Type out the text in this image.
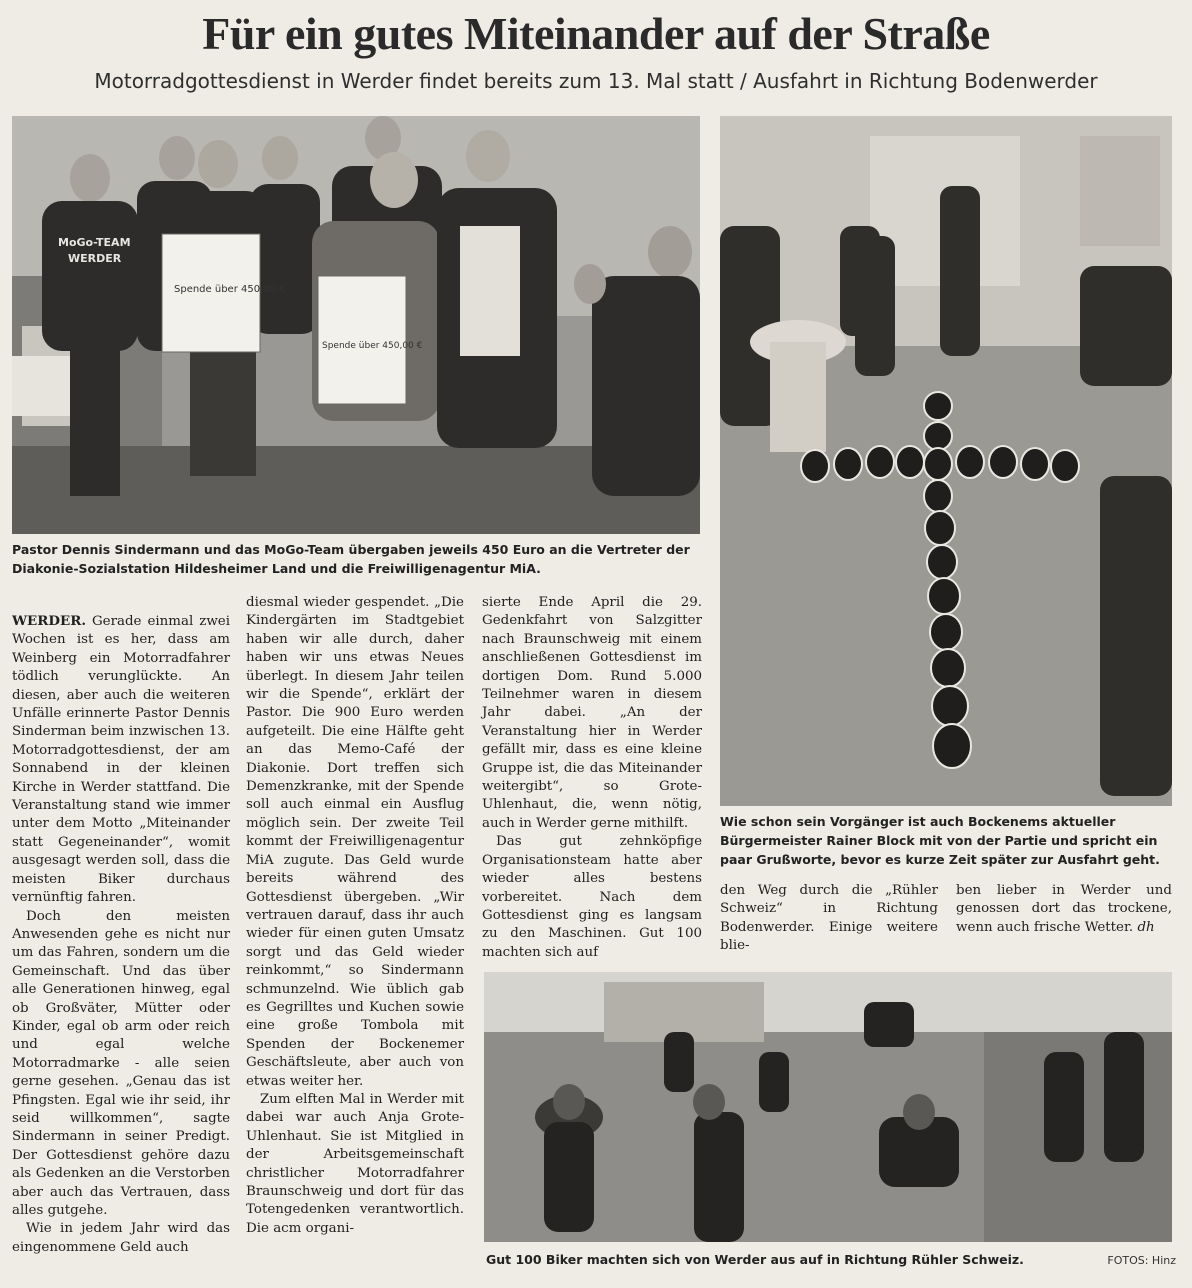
Für ein gutes Miteinander auf der Straße
Motorradgottesdienst in Werder findet bereits zum 13. Mal statt / Ausfahrt in Richtung Bodenwerder
Spende über 450,00 €
Spende über 450,00 €
MoGo-TEAM
WERDER
Pastor Dennis Sindermann und das MoGo-Team übergaben jeweils 450 Euro an die Vertreter der Diakonie-Sozialstation Hildesheimer Land und die Freiwilligenagentur MiA.
Wie schon sein Vorgänger ist auch Bockenems aktueller Bürgermeister Rainer Block mit von der Partie und spricht ein paar Grußworte, bevor es kurze Zeit später zur Ausfahrt geht.
Gut 100 Biker machten sich von Werder aus auf in Richtung Rühler Schweiz.	FOTOS: Hinz

WERDER. Gerade einmal zwei Wochen ist es her, dass am Weinberg ein Motorradfahrer tödlich verunglückte. An diesen, aber auch die weiteren Unfälle erinnerte Pastor Dennis Sinderman beim inzwischen 13. Motorradgottesdienst, der am Sonnabend in der kleinen Kirche in Werder stattfand. Die Veranstaltung stand wie immer unter dem Motto „Miteinander statt Gegeneinander“, womit ausgesagt werden soll, dass die meisten Biker durchaus vernünftig fahren.

Doch den meisten Anwesenden gehe es nicht nur um das Fahren, sondern um die Gemeinschaft. Und das über alle Generationen hinweg, egal ob Großväter, Mütter oder Kinder, egal ob arm oder reich und egal welche Motorradmarke - alle seien gerne gesehen. „Genau das ist Pfingsten. Egal wie ihr seid, ihr seid willkommen“, sagte Sindermann in seiner Predigt. Der Gottesdienst gehöre dazu als Gedenken an die Verstorben aber auch das Vertrauen, dass alles gutgehe.

Wie in jedem Jahr wird das eingenommene Geld auch

diesmal wieder gespendet. „Die Kindergärten im Stadtgebiet haben wir alle durch, daher haben wir uns etwas Neues überlegt. In diesem Jahr teilen wir die Spende“, erklärt der Pastor. Die 900 Euro werden aufgeteilt. Die eine Hälfte geht an das Memo-Café der Diakonie. Dort treffen sich Demenzkranke, mit der Spende soll auch einmal ein Ausflug möglich sein. Der zweite Teil kommt der Freiwilligenagentur MiA zugute. Das Geld wurde bereits während des Gottesdienst übergeben. „Wir vertrauen darauf, dass ihr auch wieder für einen guten Umsatz sorgt und das Geld wieder reinkommt,“ so Sindermann schmunzelnd. Wie üblich gab es Gegrilltes und Kuchen sowie eine große Tombola mit Spenden der Bockenemer Geschäftsleute, aber auch von etwas weiter her.

Zum elften Mal in Werder mit dabei war auch Anja Grote-Uhlenhaut. Sie ist Mitglied in der Arbeitsgemeinschaft christlicher Motorradfahrer Braunschweig und dort für das Totengedenken verantwortlich. Die acm organi-

sierte Ende April die 29. Gedenkfahrt von Salzgitter nach Braunschweig mit einem anschließenen Gottesdienst im dortigen Dom. Rund 5.000 Teilnehmer waren in diesem Jahr dabei. „An der Veranstaltung hier in Werder gefällt mir, dass es eine kleine Gruppe ist, die das Miteinander weitergibt“, so Grote-Uhlenhaut, die, wenn nötig, auch in Werder gerne mithilft.

Das gut zehnköpfige Organisationsteam hatte aber wieder alles bestens vorbereitet. Nach dem Gottesdienst ging es langsam zu den Maschinen. Gut 100 machten sich auf

den Weg durch die „Rühler Schweiz“ in Richtung Bodenwerder. Einige weitere blie-

ben lieber in Werder und genossen dort das trockene, wenn auch frische Wetter. dh
